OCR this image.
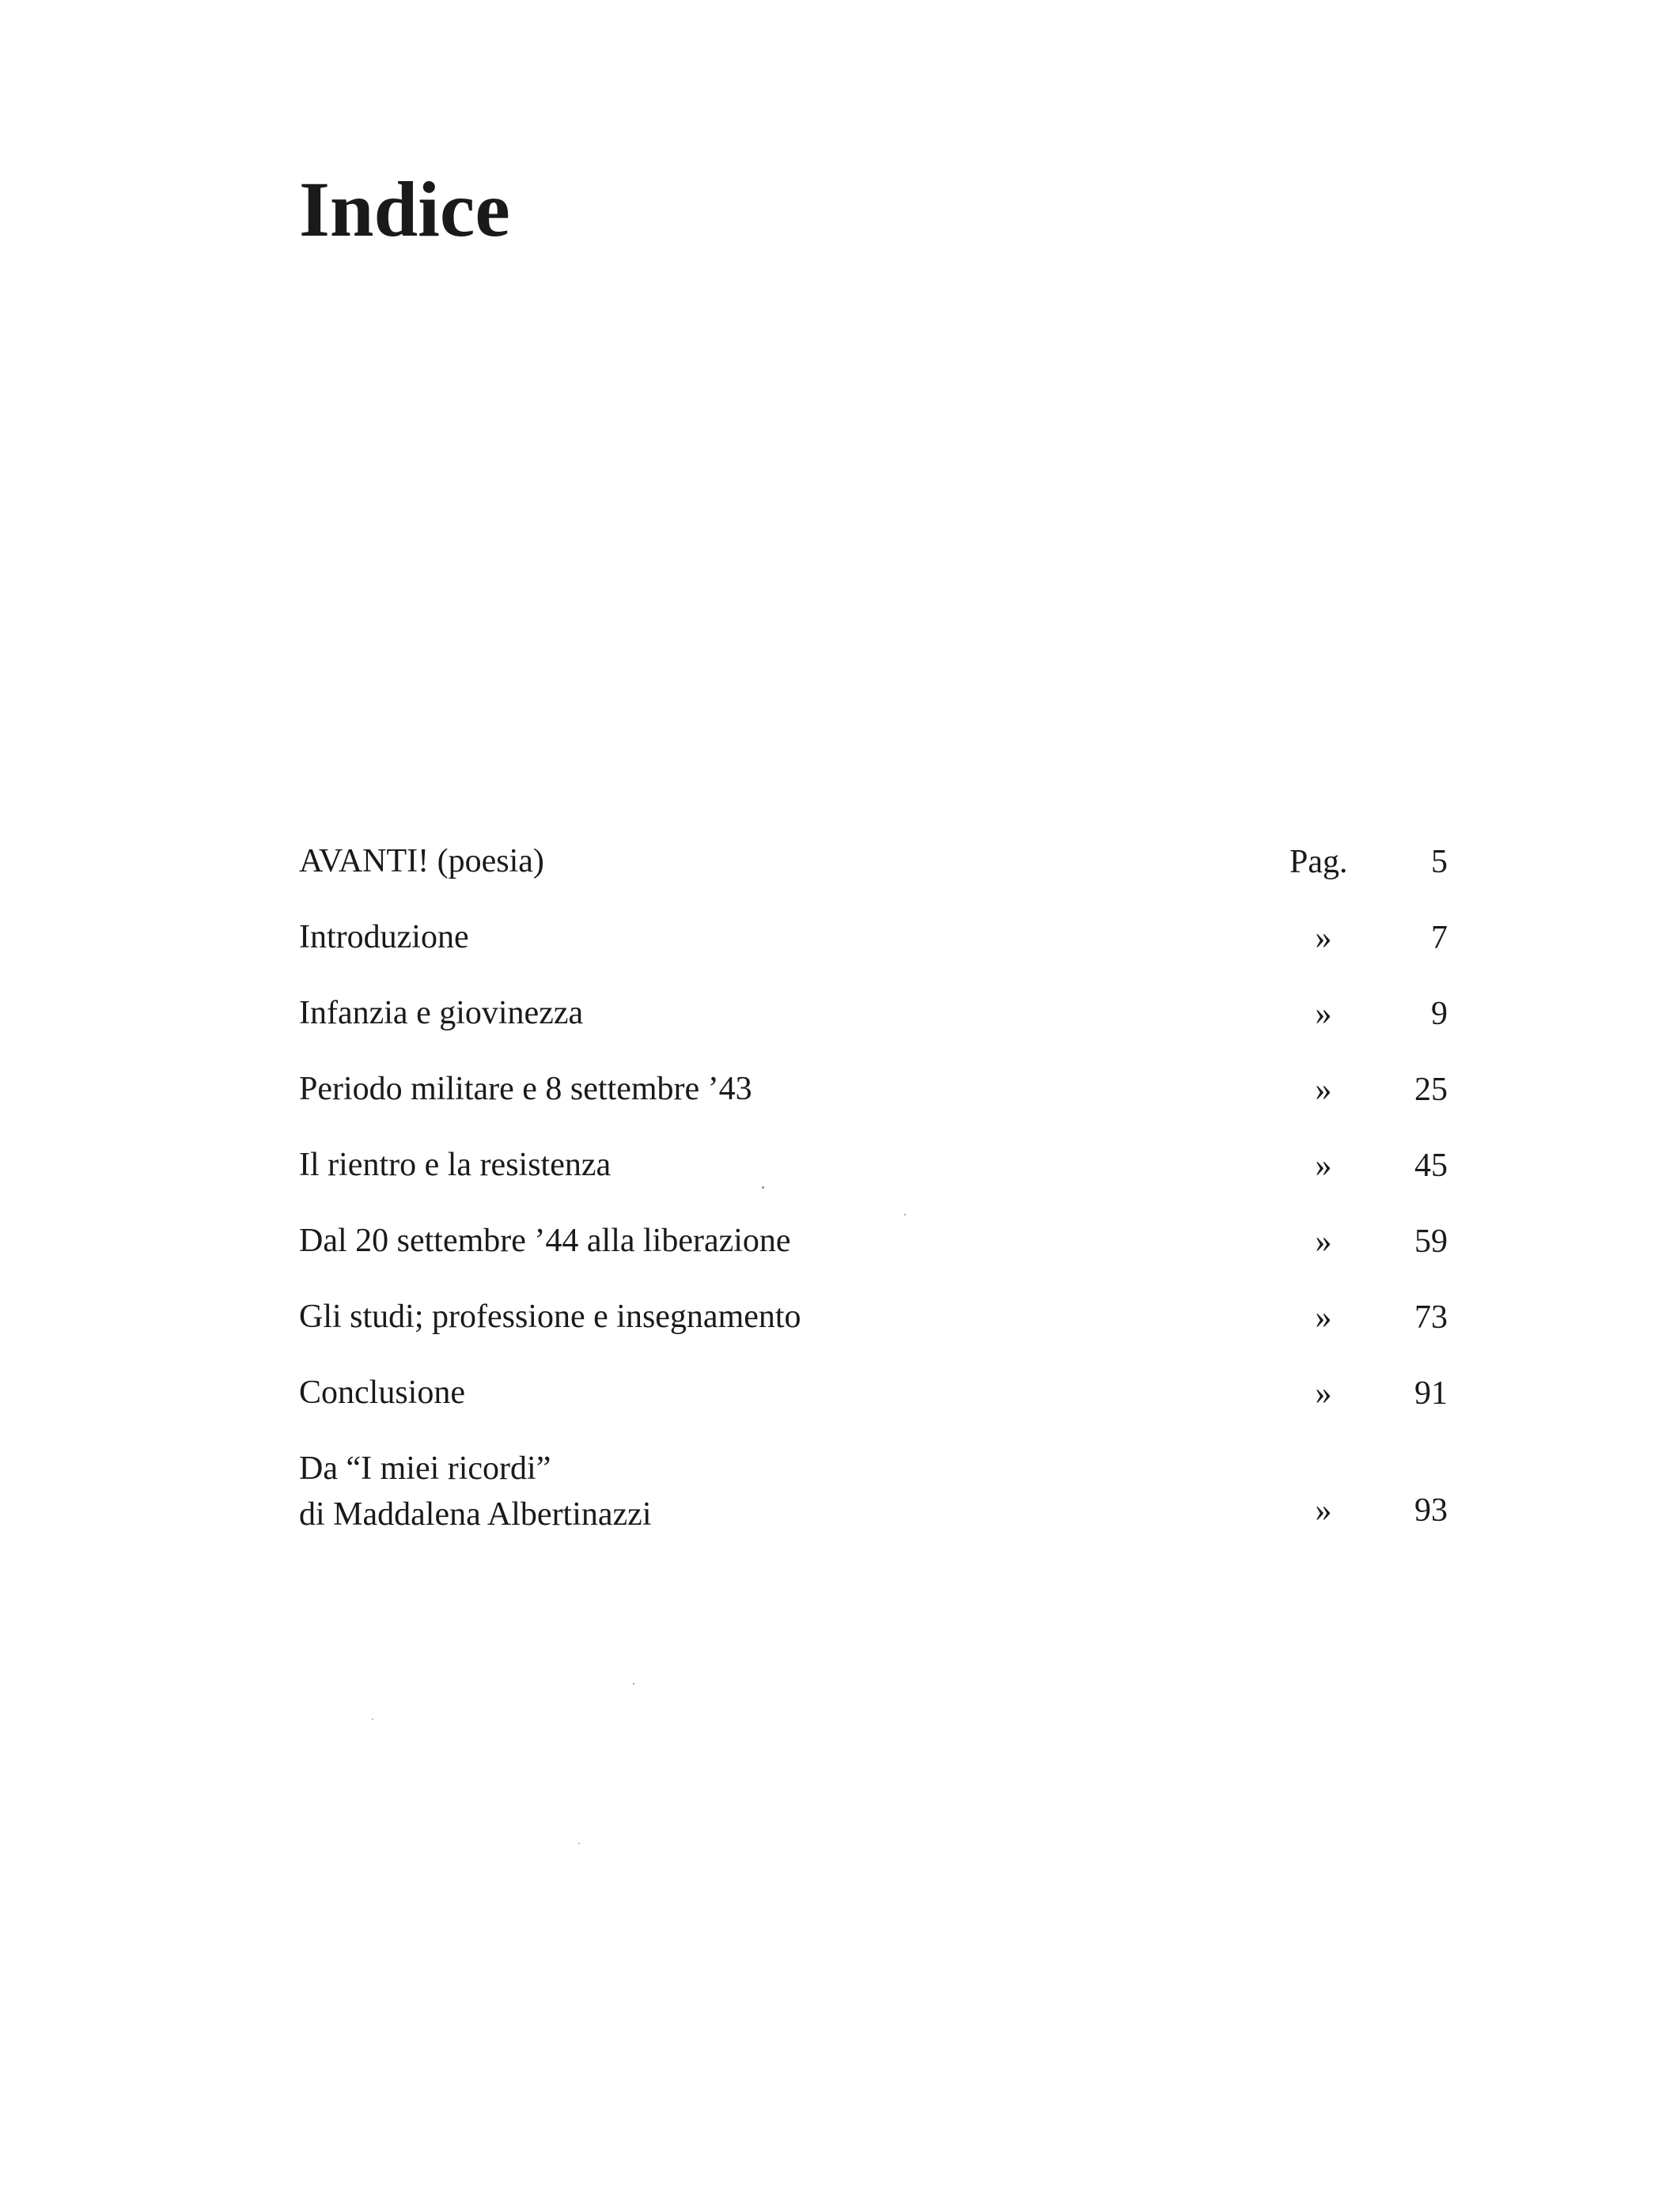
Indice
AVANTI! (poesia)	Pag.	5
Introduzione	»	7
Infanzia e giovinezza	»	9
Periodo militare e 8 settembre ’43	»	25
Il rientro e la resistenza	»	45
Dal 20 settembre ’44 alla liberazione	»	59
Gli studi; professione e insegnamento	»	73
Conclusione	»	91
Da “I miei ricordi”
di Maddalena Albertinazzi	»	93
